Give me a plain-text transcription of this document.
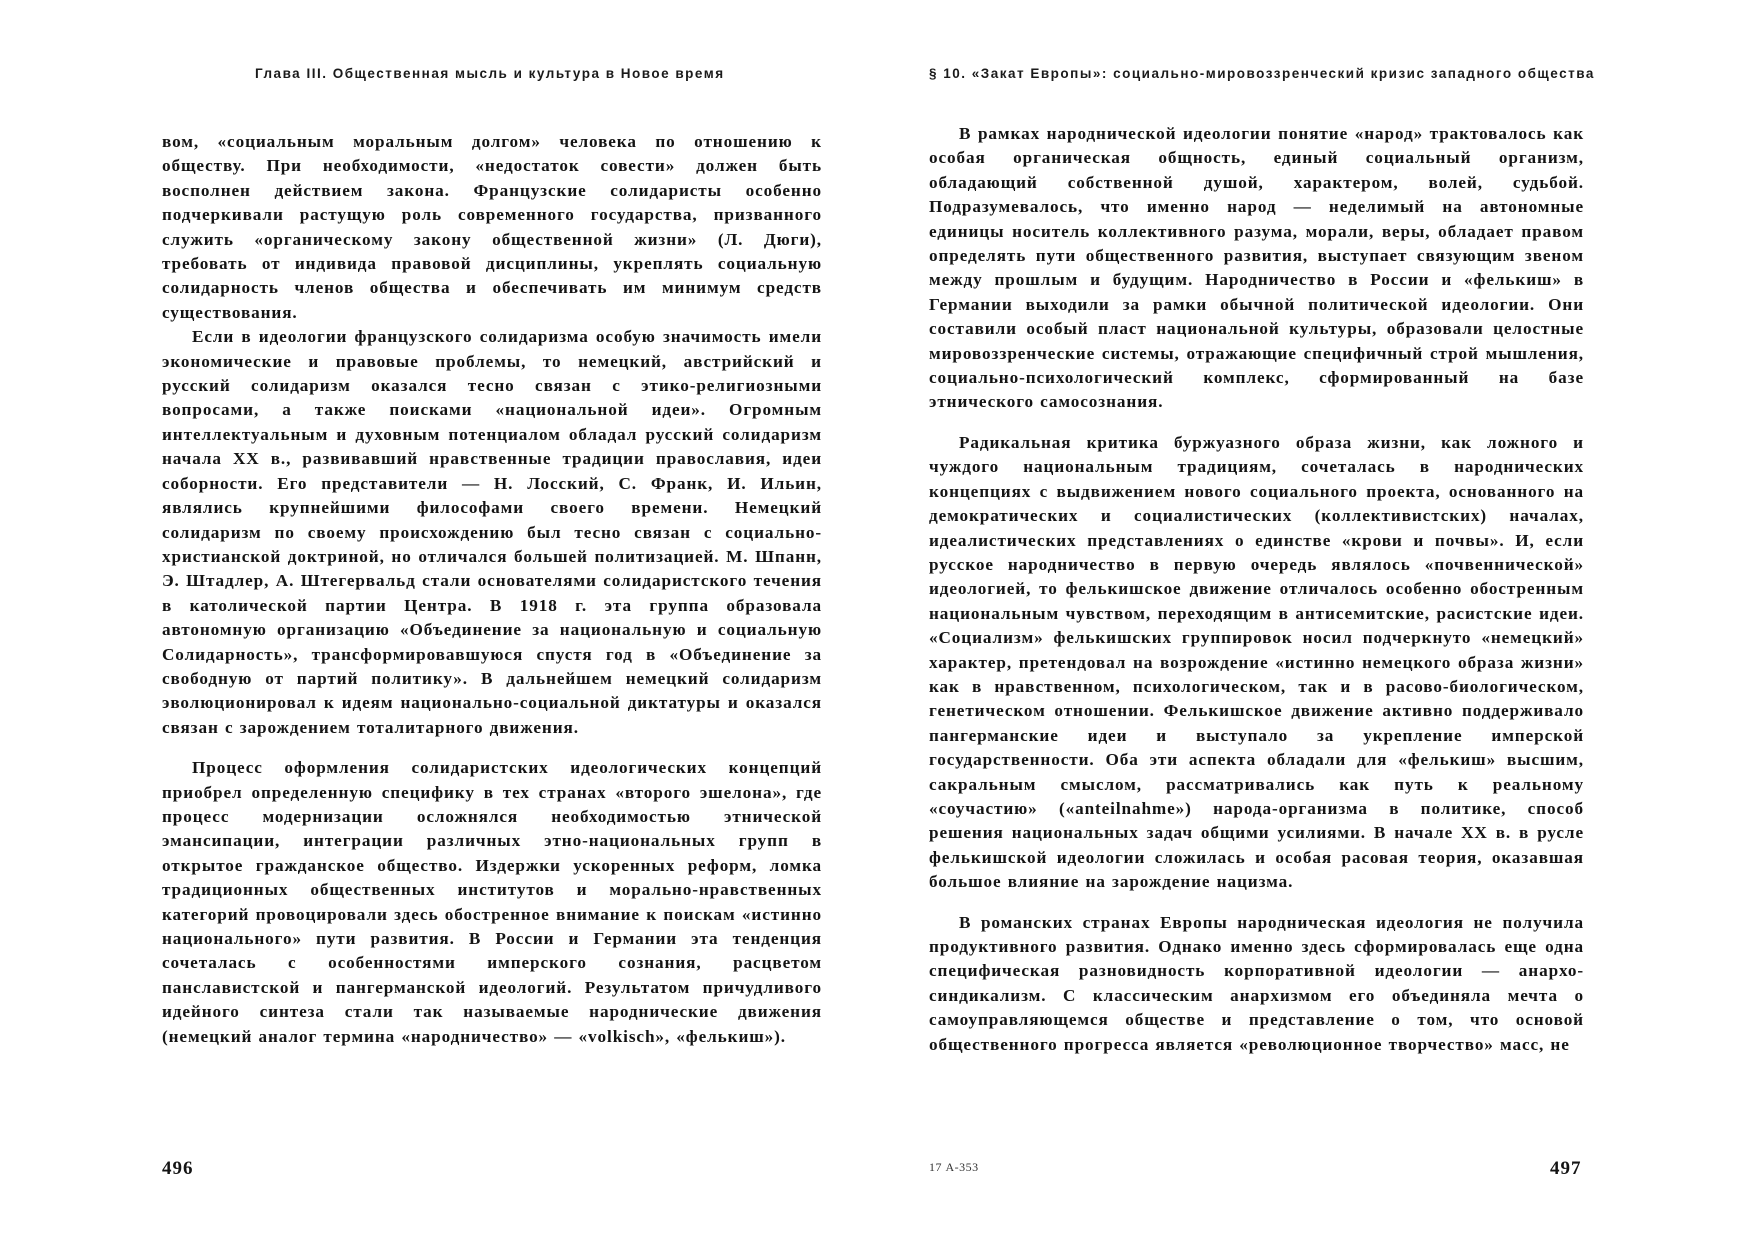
Глава III. Общественная мысль и культура в Новое время

вом, «социальным моральным долгом» человека по отношению к обществу. При необходимости, «недостаток совести» должен быть восполнен действием закона. Французские солидаристы особенно подчеркивали растущую роль современного государства, призванного служить «органическому закону общественной жизни» (Л. Дюги), требовать от индивида правовой дисциплины, укреплять социальную солидарность членов общества и обеспечивать им минимум средств существования.

Если в идеологии французского солидаризма особую значимость имели экономические и правовые проблемы, то немецкий, австрийский и русский солидаризм оказался тесно связан с этико-религиозными вопросами, а также поисками «национальной идеи». Огромным интеллектуальным и духовным потенциалом обладал русский солидаризм начала XX в., развивавший нравственные традиции православия, идеи соборности. Его представители — Н. Лосский, С. Франк, И. Ильин, являлись крупнейшими философами своего времени. Немецкий солидаризм по своему происхождению был тесно связан с социально-христианской доктриной, но отличался большей политизацией. М. Шпанн, Э. Штадлер, А. Штегервальд стали основателями солидаристского течения в католической партии Центра. В 1918 г. эта группа образовала автономную организацию «Объединение за национальную и социальную Солидарность», трансформировавшуюся спустя год в «Объединение за свободную от партий политику». В дальнейшем немецкий солидаризм эволюционировал к идеям национально-социальной диктатуры и оказался связан с зарождением тоталитарного движения.

Процесс оформления солидаристских идеологических концепций приобрел определенную специфику в тех странах «второго эшелона», где процесс модернизации осложнялся необходимостью этнической эмансипации, интеграции различных этно-национальных групп в открытое гражданское общество. Издержки ускоренных реформ, ломка традиционных общественных институтов и морально-нравственных категорий провоцировали здесь обостренное внимание к поискам «истинно национального» пути развития. В России и Германии эта тенденция сочеталась с особенностями имперского сознания, расцветом панславистской и пангерманской идеологий. Результатом причудливого идейного синтеза стали так называемые народнические движения (немецкий аналог термина «народничество» — «volkisch», «фелькиш»).

496
§ 10. «Закат Европы»: социально-мировоззренческий кризис западного общества

В рамках народнической идеологии понятие «народ» трактовалось как особая органическая общность, единый социальный организм, обладающий собственной душой, характером, волей, судьбой. Подразумевалось, что именно народ — неделимый на автономные единицы носитель коллективного разума, морали, веры, обладает правом определять пути общественного развития, выступает связующим звеном между прошлым и будущим. Народничество в России и «фелькиш» в Германии выходили за рамки обычной политической идеологии. Они составили особый пласт национальной культуры, образовали целостные мировоззренческие системы, отражающие специфичный строй мышления, социально-психологический комплекс, сформированный на базе этнического самосознания.

Радикальная критика буржуазного образа жизни, как ложного и чуждого национальным традициям, сочеталась в народнических концепциях с выдвижением нового социального проекта, основанного на демократических и социалистических (коллективистских) началах, идеалистических представлениях о единстве «крови и почвы». И, если русское народничество в первую очередь являлось «почвеннической» идеологией, то фелькишское движение отличалось особенно обостренным национальным чувством, переходящим в антисемитские, расистские идеи. «Социализм» фелькишских группировок носил подчеркнуто «немецкий» характер, претендовал на возрождение «истинно немецкого образа жизни» как в нравственном, психологическом, так и в расово-биологическом, генетическом отношении. Фелькишское движение активно поддерживало пангерманские идеи и выступало за укрепление имперской государственности. Оба эти аспекта обладали для «фелькиш» высшим, сакральным смыслом, рассматривались как путь к реальному «соучастию» («anteilnahme») народа-организма в политике, способ решения национальных задач общими усилиями. В начале XX в. в русле фелькишской идеологии сложилась и особая расовая теория, оказавшая большое влияние на зарождение нацизма.

В романских странах Европы народническая идеология не получила продуктивного развития. Однако именно здесь сформировалась еще одна специфическая разновидность корпоративной идеологии — анархо-синдикализм. С классическим анархизмом его объединяла мечта о самоуправляющемся обществе и представление о том, что основой общественного прогресса является «революционное творчество» масс, не

17 А-353	497
